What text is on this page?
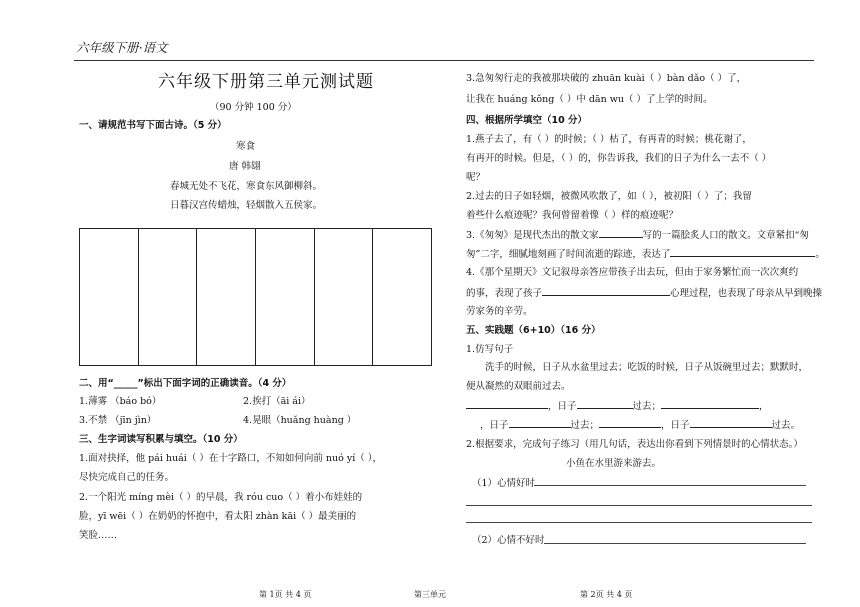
六年级下册·语文
六年级下册第三单元测试题
（90 分钟 100 分）
一、请规范书写下面古诗。（5 分）
寒食
唐 韩翃
春城无处不飞花，寒食东风御柳斜。
日暮汉宫传蜡烛，轻烟散入五侯家。
二、用“_____”标出下面字词的正确读音。（4 分）
1.薄雾 （báo bó）	2.挨打（āi ái）
3.不禁 （jīn jìn）	4.晃眼（huǎng huàng ）
三、生字词读写积累与填空。（10 分）
1.面对抉择，他 pái huái（ ）在十字路口，不知如何向前 nuó yí（ ），
尽快完成自己的任务。
2.一个阳光 míng mèi（ ）的早晨，我 róu cuo（ ）着小布娃娃的
脸，yī wēi（ ）在奶奶的怀抱中，看太阳 zhàn kāi（ ）最美丽的
笑脸……
3.急匆匆行走的我被那块破的 zhuān kuài（ ）bàn dǎo（ ）了，
让我在 huáng kǒng（ ）中 dān wu（ ）了上学的时间。
四、根据所学填空（10 分）
1.燕子去了，有（ ）的时候；（ ）枯了，有再青的时候；桃花谢了，
有再开的时候。但是，（ ）的，你告诉我，我们的日子为什么一去不（ ）
呢？
2.过去的日子如轻烟，被微风吹散了，如（ ），被初阳（ ）了；我留
着些什么痕迹呢？我何曾留着像（ ）样的痕迹呢？
3.《匆匆》是现代杰出的散文家	写的一篇脍炙人口的散文。文章紧扣“匆
匆”二字，细腻地刻画了时间流逝的踪迹，表达了	。
4.《那个星期天》文记叙母亲答应带孩子出去玩，但由于家务繁忙而一次次爽约
的事，表现了孩子	心理过程，也表现了母亲从早到晚操
劳家务的辛劳。
五、实践题（6+10）（16 分）
1.仿写句子
洗手的时候，日子从水盆里过去；吃饭的时候，日子从饭碗里过去；默默时，
便从凝然的双眼前过去。
，日子	过去；	，
，日子	过去；	，日子	过去。
2.根据要求，完成句子练习（用几句话，表达出你看到下列情景时的心情状态。）
小鱼在水里游来游去。
（1）心情好时
（2）心情不好时
第 1页 共 4 页	第三单元	第 2页 共 4 页
